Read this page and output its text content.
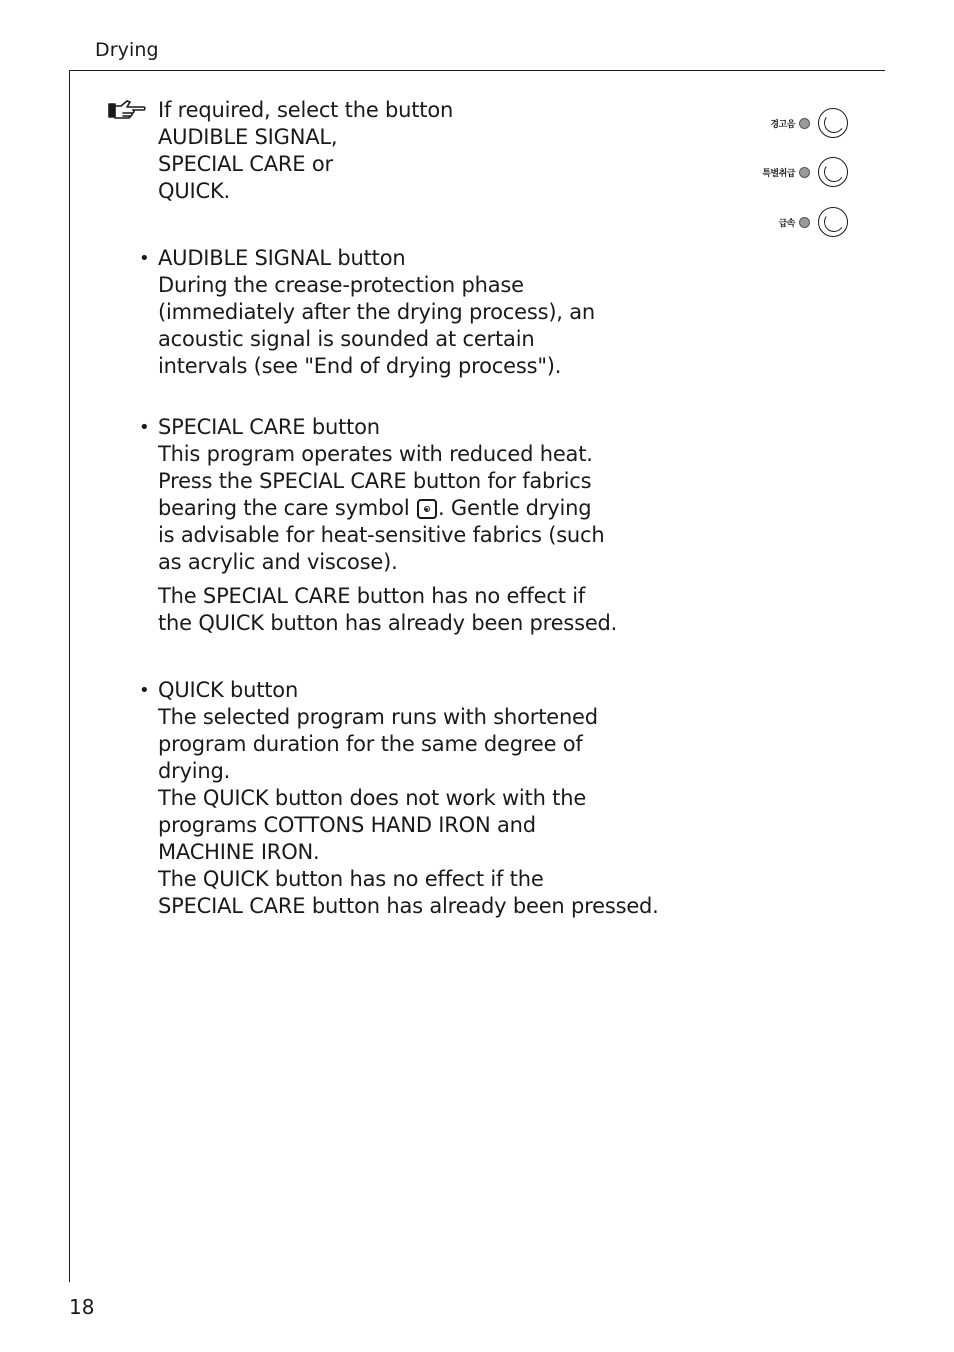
Drying
If required, select the button
AUDIBLE SIGNAL,
SPECIAL CARE or
QUICK.
경고음
특별취급
급속
• AUDIBLE SIGNAL button
During the crease-protection phase
(immediately after the drying process), an
acoustic signal is sounded at certain
intervals (see "End of drying process").
• SPECIAL CARE button
This program operates with reduced heat.
Press the SPECIAL CARE button for fabrics
bearing the care symbol
. Gentle drying
is advisable for heat-sensitive fabrics (such
as acrylic and viscose).
The SPECIAL CARE button has no effect if
the QUICK button has already been pressed.
• QUICK button
The selected program runs with shortened
program duration for the same degree of
drying.
The QUICK button does not work with the
programs COTTONS HAND IRON and
MACHINE IRON.
The QUICK button has no effect if the
SPECIAL CARE button has already been pressed.
18
